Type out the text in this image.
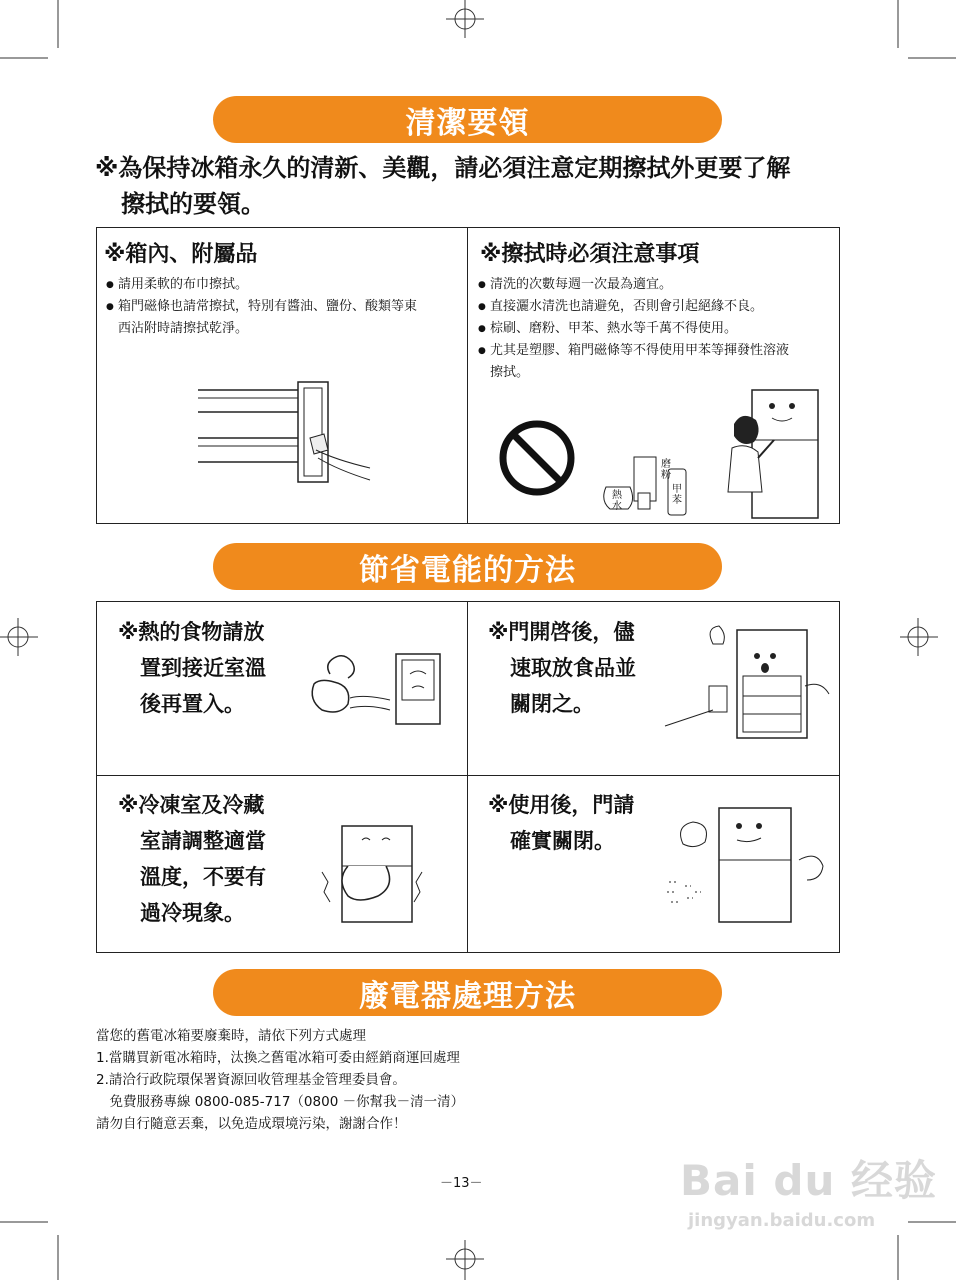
清潔要領
※為保持冰箱永久的清新、美觀，請必須注意定期擦拭外更要了解
擦拭的要領。
※箱內、附屬品
● 請用柔軟的布巾擦拭。
● 箱門磁條也請常擦拭，特別有醬油、鹽份、酸類等東
西沾附時請擦拭乾淨。
※擦拭時必須注意事項
● 清洗的次數每週一次最為適宜。
● 直接灑水清洗也請避免，否則會引起絕緣不良。
● 棕刷、磨粉、甲苯、熱水等千萬不得使用。
● 尤其是塑膠、箱門磁條等不得使用甲苯等揮發性溶液
擦拭。
磨粉
熱水
甲苯
節省電能的方法
※熱的食物請放
置到接近室溫
後再置入。
※門開啓後，儘
速取放食品並
關閉之。
※冷凍室及冷藏
室請調整適當
溫度，不要有
過冷現象。
※使用後，門請
確實關閉。
廢電器處理方法
當您的舊電冰箱要廢棄時，請依下列方式處理
1.當購買新電冰箱時，汰換之舊電冰箱可委由經銷商運回處理
2.請洽行政院環保署資源回收管理基金管理委員會。
　免費服務專線 0800-085-717（0800 －你幫我－清一清）
請勿自行隨意丟棄，以免造成環境污染，謝謝合作！
－13－	Bai du 经验
jingyan.baidu.com
